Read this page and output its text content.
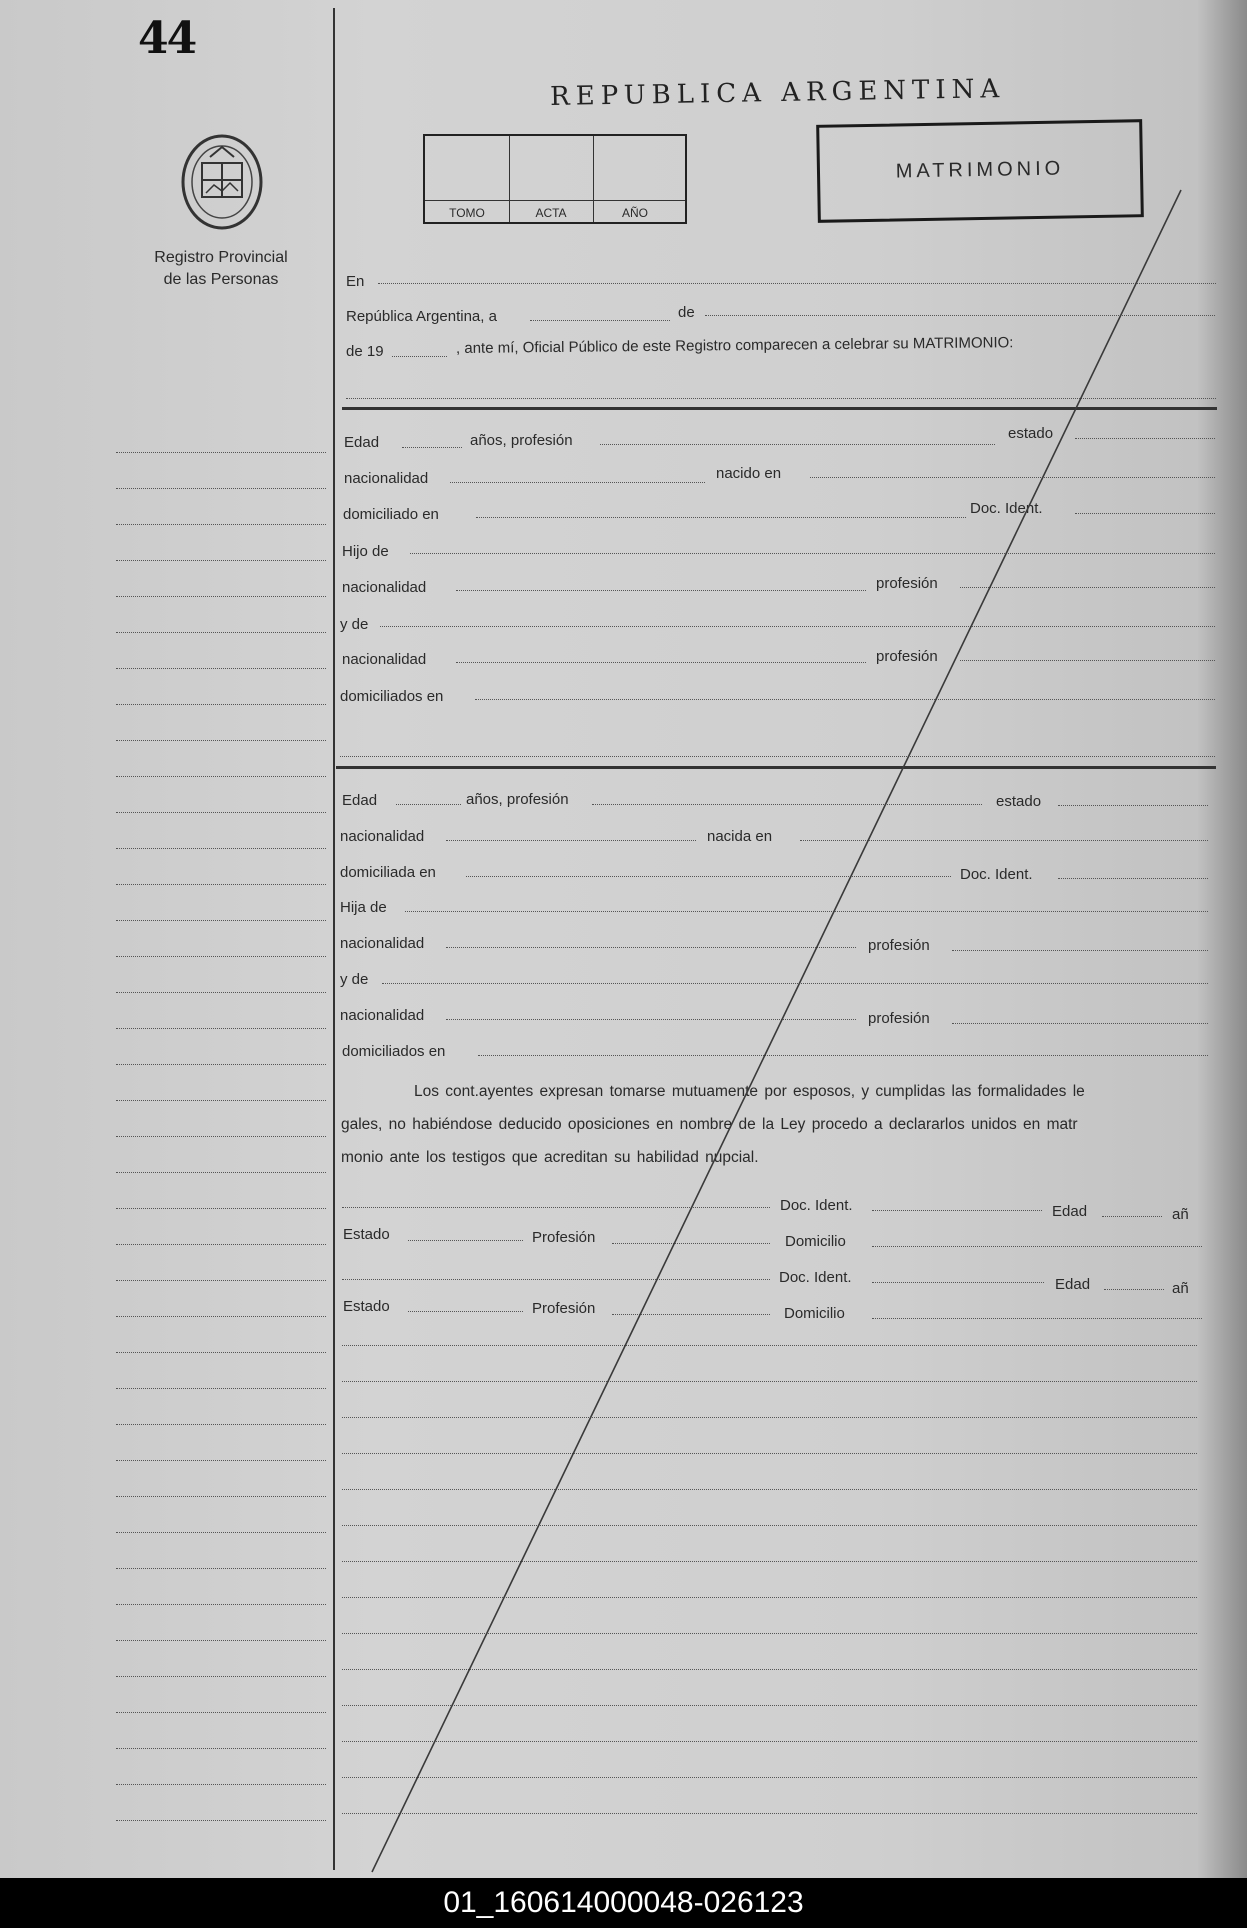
44
Registro Provincial
de las Personas
REPUBLICA ARGENTINA
TOMO	ACTA	AÑO
MATRIMONIO
En
República Argentina, a	de
de 19	, ante mí, Oficial Público de este Registro comparecen a celebrar su MATRIMONIO:
Edad	años, profesión	estado
nacionalidad	nacido en
domiciliado en	Doc. Ident.
Hijo de
nacionalidad	profesión
y de
nacionalidad	profesión
domiciliados en
Edad	años, profesión	estado
nacionalidad	nacida en
domiciliada en	Doc. Ident.
Hija de
nacionalidad	profesión
y de
nacionalidad	profesión
domiciliados en
Los cont.ayentes expresan tomarse mutuamente por esposos, y cumplidas las formalidades le
gales, no habiéndose deducido oposiciones en nombre de la Ley procedo a declararlos unidos en matr
monio ante los testigos que acreditan su habilidad nupcial.
Doc. Ident.	Edad	añ
Estado	Profesión	Domicilio
Doc. Ident.	Edad	añ
Estado	Profesión	Domicilio
01_160614000048-026123
